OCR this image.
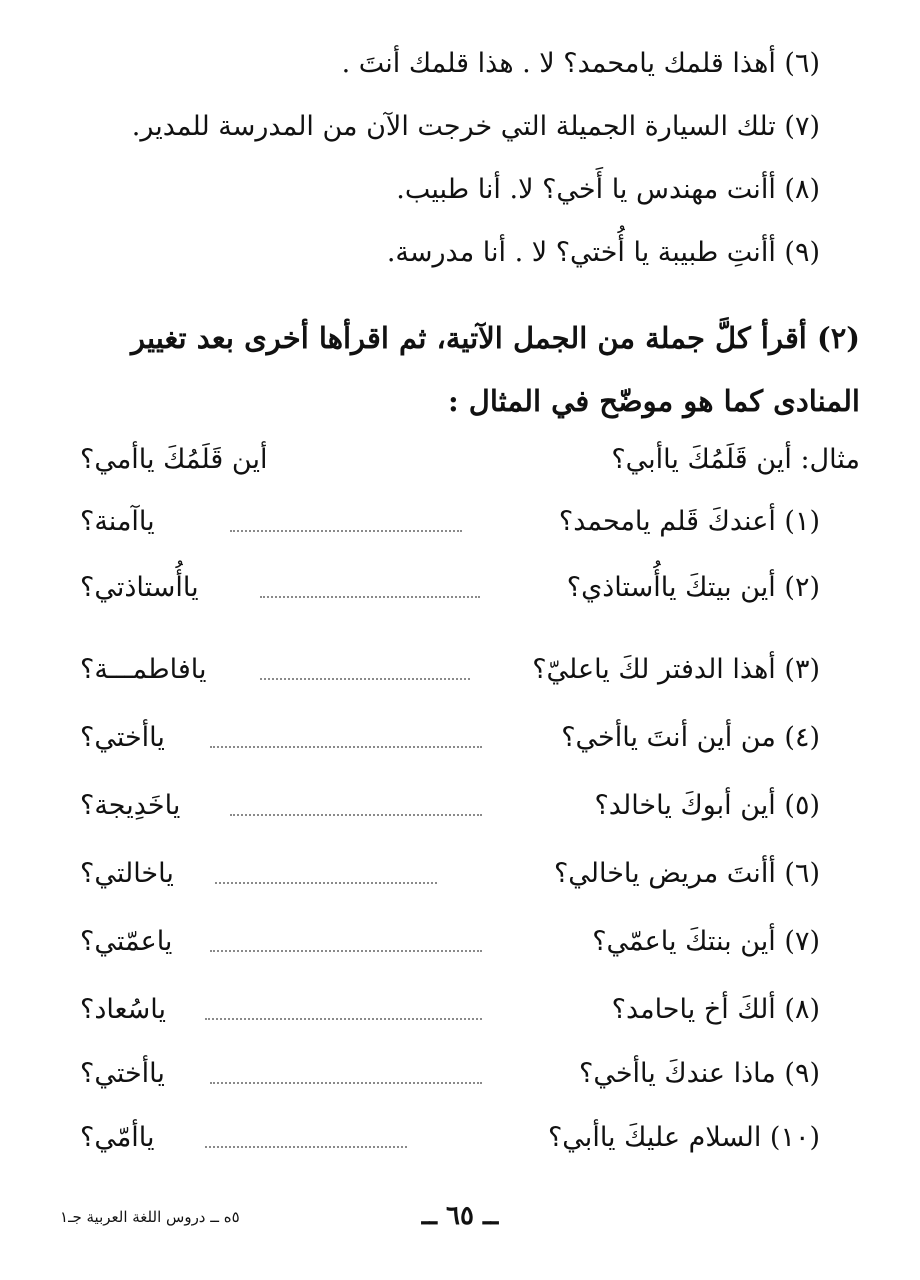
(٦) أهذا قلمك يامحمد؟ لا . هذا قلمك أنتَ .
(٧) تلك السيارة الجميلة التي خرجت الآن من المدرسة للمدير.
(٨) أأنت مهندس يا أَخي؟ لا. أنا طبيب.
(٩) أأنتِ طبيبة يا أُختي؟ لا . أنا مدرسة.
(٢) أقرأ كلَّ جملة من الجمل الآتية، ثم اقرأها أخرى بعد تغيير
المنادى كما هو موضّح في المثال :
مثال: أين قَلَمُكَ ياأبي؟
أين قَلَمُكَ ياأمي؟
(١) أعندكَ قَلم يامحمد؟
ياآمنة؟
(٢) أين بيتكَ ياأُستاذي؟
ياأُستاذتي؟
(٣) أهذا الدفتر لكَ ياعليّ؟
يافاطمـــة؟
(٤) من أين أنتَ ياأخي؟
ياأختي؟
(٥) أين أبوكَ ياخالد؟
ياخَدِيجة؟
(٦) أأنتَ مريض ياخالي؟
ياخالتي؟
(٧) أين بنتكَ ياعمّي؟
ياعمّتي؟
(٨) ألكَ أخ ياحامد؟
ياسُعاد؟
(٩) ماذا عندكَ ياأخي؟
ياأختي؟
(١٠) السلام عليكَ ياأبي؟
ياأمّي؟
٥ه ــ دروس اللغة العربية جـ١	ــ ٦٥ ــ
